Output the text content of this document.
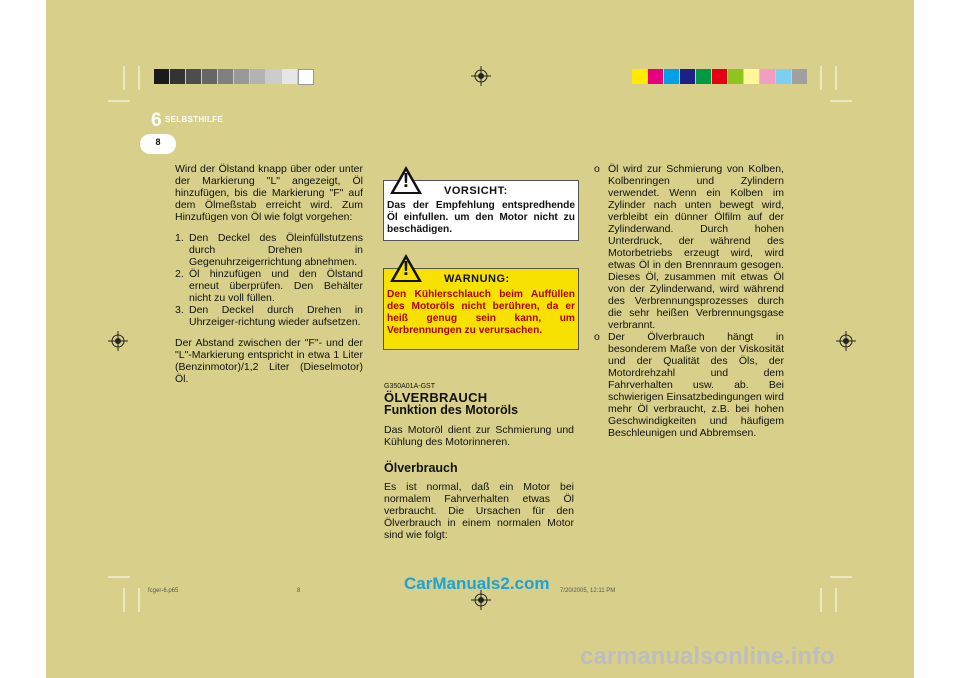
6 SELBSTHILFE
8

Wird der Ölstand knapp über oder unter der Markierung "L" angezeigt, Öl hinzufügen, bis die Markierung "F" auf dem Ölmeßstab erreicht wird. Zum Hinzufügen von Öl wie folgt vorgehen:

1. Den Deckel des Öleinfüllstutzens durch Drehen in Gegenuhrzeigerrichtung abnehmen.
2. Öl hinzufügen und den Ölstand erneut überprüfen. Den Behälter nicht zu voll füllen.
3. Den Deckel durch Drehen in Uhrzeiger-richtung wieder aufsetzen.

Der Abstand zwischen der "F"- und der "L"-Markierung entspricht in etwa 1 Liter (Benzinmotor)/1,2 Liter (Dieselmotor) Öl.

VORSICHT:
Das der Empfehlung entspredhende Öl einfullen. um den Motor nicht zu beschädigen.
!
WARNUNG:
Den Kühlerschlauch beim Auffüllen des Motoröls nicht berühren, da er heiß genug sein kann, um Verbrennungen zu verursachen.
!
G350A01A-GST
ÖLVERBRAUCH
Funktion des Motoröls
Das Motoröl dient zur Schmierung und Kühlung des Motorinneren.
Ölverbrauch
Es ist normal, daß ein Motor bei normalem Fahrverhalten etwas Öl verbraucht. Die Ursachen für den Ölverbrauch in einem normalen Motor sind wie folgt:
o Öl wird zur Schmierung von Kolben, Kolbenringen und Zylindern verwendet. Wenn ein Kolben im Zylinder nach unten bewegt wird, verbleibt ein dünner Ölfilm auf der Zylinderwand. Durch hohen Unterdruck, der während des Motorbetriebs erzeugt wird, wird etwas Öl in den Brennraum gesogen. Dieses Öl, zusammen mit etwas Öl von der Zylinderwand, wird während des Verbrennungsprozesses durch die sehr heißen Verbrennungsgase verbrannt.
o Der Ölverbrauch hängt in besonderem Maße von der Viskosität und der Qualität des Öls, der Motordrehzahl und dem Fahrverhalten usw. ab. Bei schwierigen Einsatzbedingungen wird mehr Öl verbraucht, z.B. bei hohen Geschwindigkeiten und häufigem Beschleunigen und Abbremsen.
fcger-6.p65	8	7/20/2005, 12:11 PM
CarManuals2.com
carmanualsonline.info
